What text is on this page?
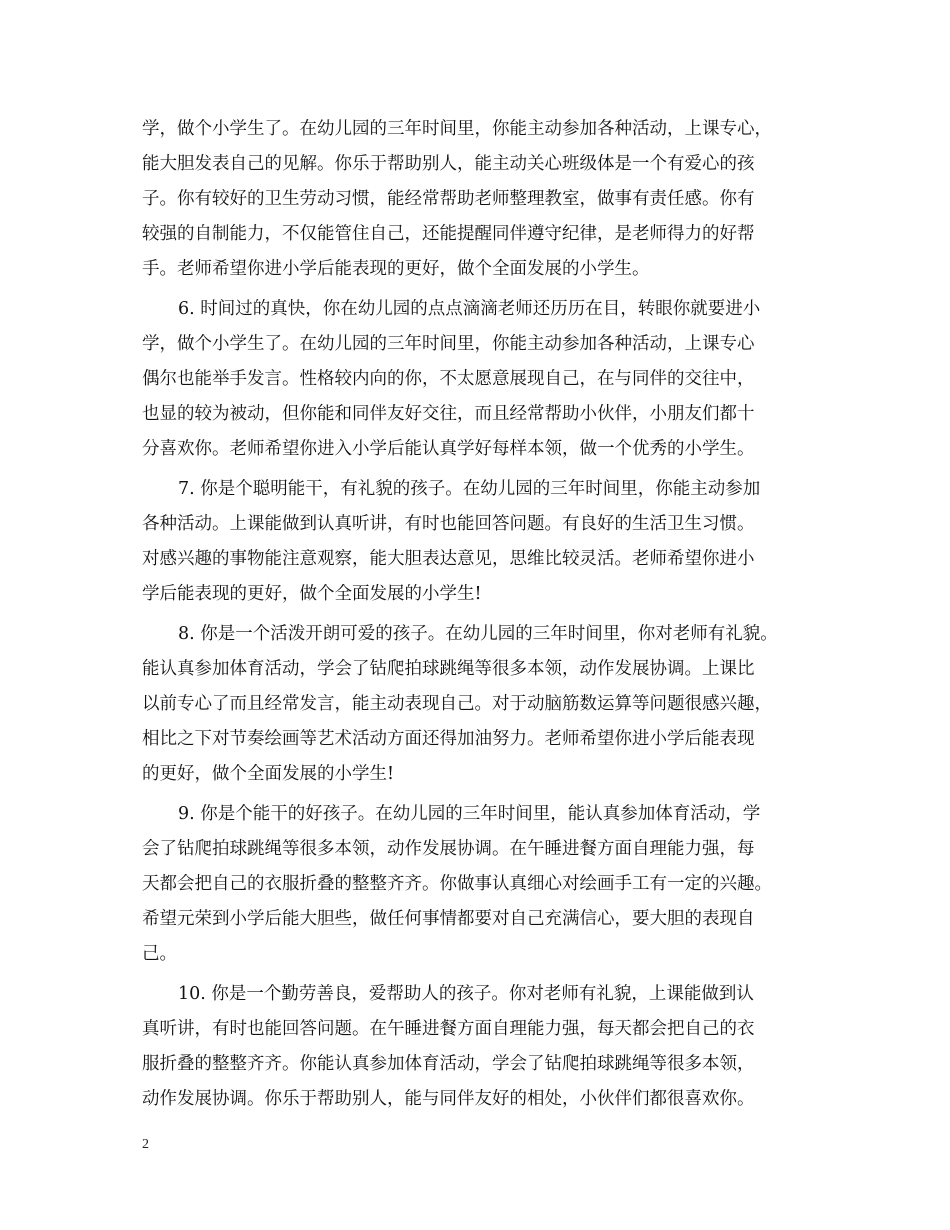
学，做个小学生了。在幼儿园的三年时间里，你能主动参加各种活动，上课专心，
能大胆发表自己的见解。你乐于帮助别人，能主动关心班级体是一个有爱心的孩
子。你有较好的卫生劳动习惯，能经常帮助老师整理教室，做事有责任感。你有
较强的自制能力，不仅能管住自己，还能提醒同伴遵守纪律，是老师得力的好帮
手。老师希望你进小学后能表现的更好，做个全面发展的小学生。
6. 时间过的真快，你在幼儿园的点点滴滴老师还历历在目，转眼你就要进小
学，做个小学生了。在幼儿园的三年时间里，你能主动参加各种活动，上课专心
偶尔也能举手发言。性格较内向的你，不太愿意展现自己，在与同伴的交往中，
也显的较为被动，但你能和同伴友好交往，而且经常帮助小伙伴，小朋友们都十
分喜欢你。老师希望你进入小学后能认真学好每样本领，做一个优秀的小学生。
7. 你是个聪明能干，有礼貌的孩子。在幼儿园的三年时间里，你能主动参加
各种活动。上课能做到认真听讲，有时也能回答问题。有良好的生活卫生习惯。
对感兴趣的事物能注意观察，能大胆表达意见，思维比较灵活。老师希望你进小
学后能表现的更好，做个全面发展的小学生!
8. 你是一个活泼开朗可爱的孩子。在幼儿园的三年时间里，你对老师有礼貌。
能认真参加体育活动，学会了钻爬拍球跳绳等很多本领，动作发展协调。上课比
以前专心了而且经常发言，能主动表现自己。对于动脑筋数运算等问题很感兴趣，
相比之下对节奏绘画等艺术活动方面还得加油努力。老师希望你进小学后能表现
的更好，做个全面发展的小学生!
9. 你是个能干的好孩子。在幼儿园的三年时间里，能认真参加体育活动，学
会了钻爬拍球跳绳等很多本领，动作发展协调。在午睡进餐方面自理能力强，每
天都会把自己的衣服折叠的整整齐齐。你做事认真细心对绘画手工有一定的兴趣。
希望元荣到小学后能大胆些，做任何事情都要对自己充满信心，要大胆的表现自
己。
10. 你是一个勤劳善良，爱帮助人的孩子。你对老师有礼貌，上课能做到认
真听讲，有时也能回答问题。在午睡进餐方面自理能力强，每天都会把自己的衣
服折叠的整整齐齐。你能认真参加体育活动，学会了钻爬拍球跳绳等很多本领，
动作发展协调。你乐于帮助别人，能与同伴友好的相处，小伙伴们都很喜欢你。
2
